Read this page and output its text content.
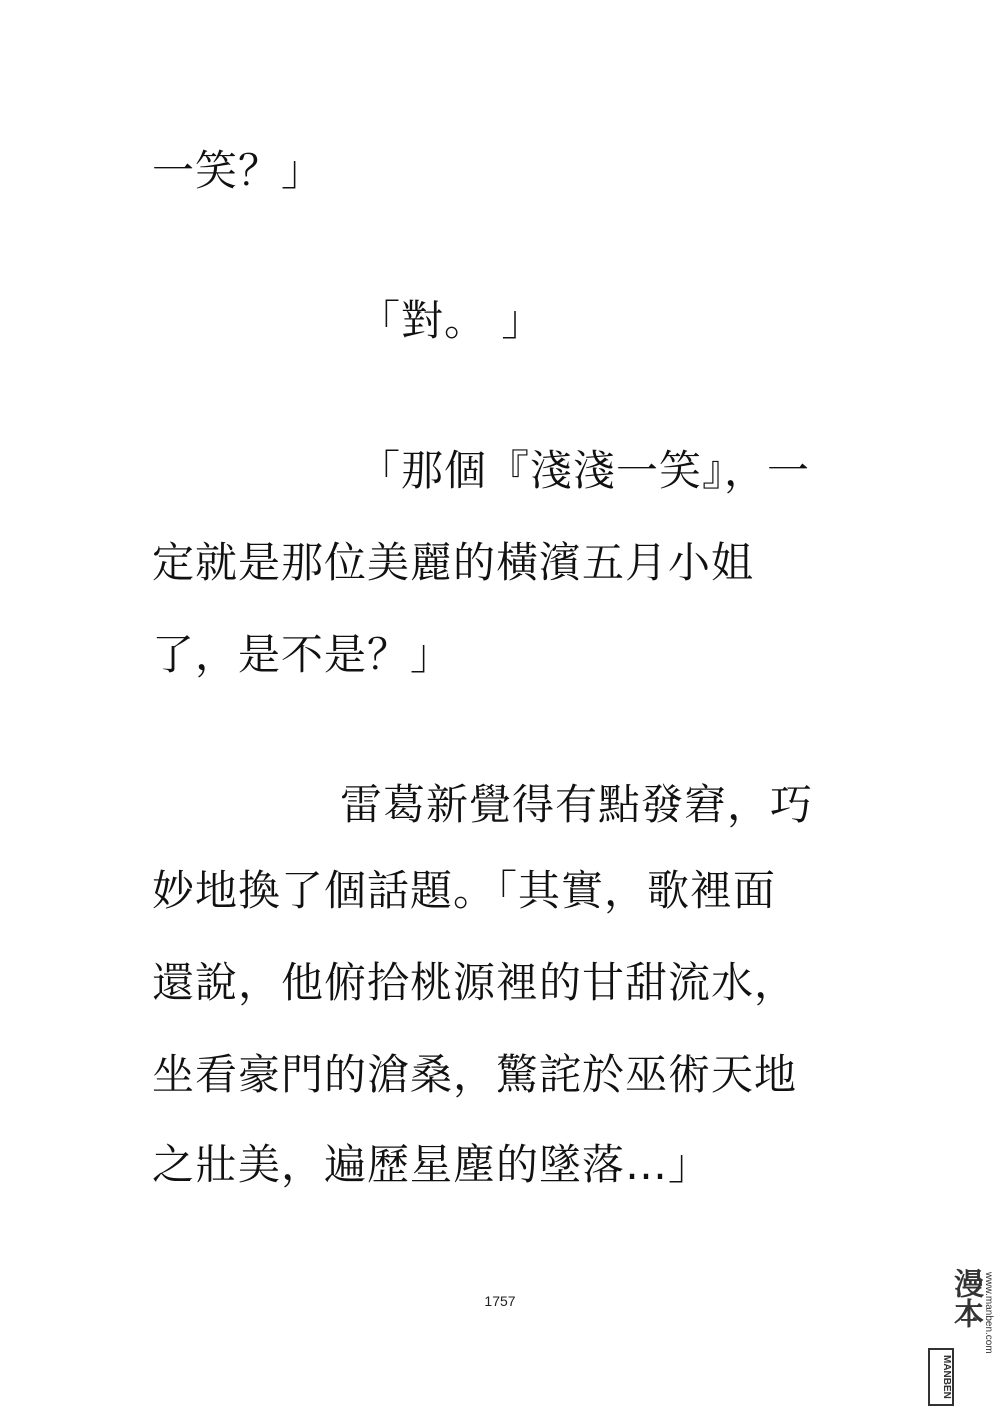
一笑？」
「對。 」
「那個『淺淺一笑』，一
定就是那位美麗的橫濱五月小姐
了，是不是？」
雷葛新覺得有點發窘，巧
妙地換了個話題。「其實，歌裡面
還說，他俯拾桃源裡的甘甜流水，
坐看豪門的滄桑，驚詫於巫術天地
之壯美，遍歷星塵的墜落…」
1757	漫本
MANBEN
www.manben.com
